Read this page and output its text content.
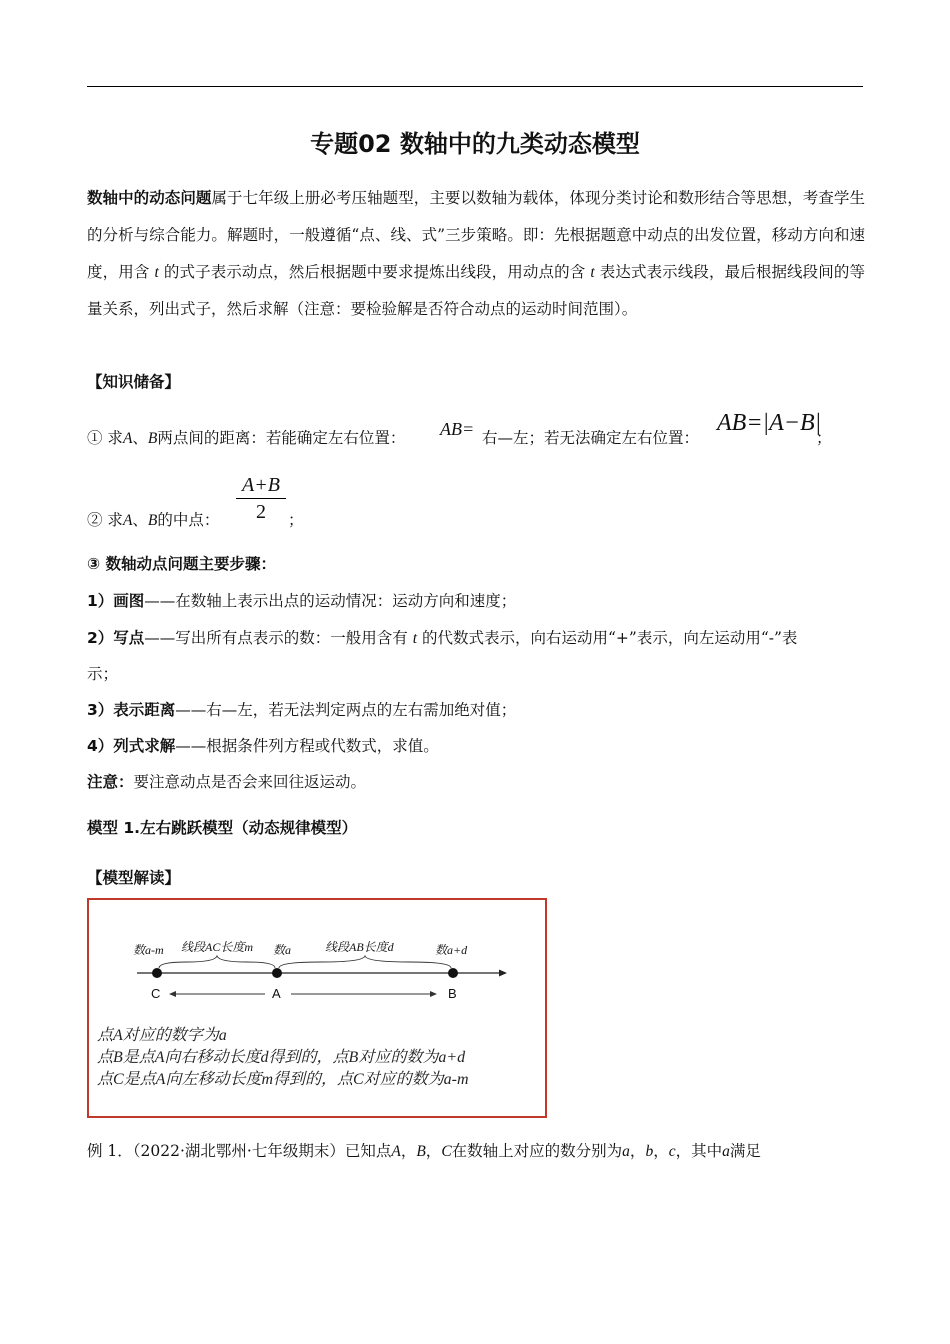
专题02 数轴中的九类动态模型
数轴中的动态问题属于七年级上册必考压轴题型，主要以数轴为载体，体现分类讨论和数形结合等思想，考查学生的分析与综合能力。解题时，一般遵循“点、线、式”三步策略。即：先根据题意中动点的出发位置，移动方向和速度，用含 t 的式子表示动点，然后根据题中要求提炼出线段，用动点的含 t 表达式表示线段，最后根据线段间的等量关系，列出式子，然后求解（注意：要检验解是否符合动点的运动时间范围）。
【知识储备】
① 求A、B两点间的距离：若能确定左右位置： AB= 右—左；若无法确定左右位置：
AB=|A−B|
；
② 求A、B的中点： $\frac{A+B}{2}$ ；
③ 数轴动点问题主要步骤：
1）画图——在数轴上表示出点的运动情况：运动方向和速度；
2）写点——写出所有点表示的数：一般用含有 t 的代数式表示，向右运动用“+”表示，向左运动用“-”表
示；
3）表示距离——右—左，若无法判定两点的左右需加绝对值；
4）列式求解——根据条件列方程或代数式，求值。
注意：要注意动点是否会来回往返运动。
模型 1.左右跳跃模型（动态规律模型）
【模型解读】
数a-m 线段AC长度m 数a	线段AB长度d	数a+d
C	A	B
点A对应的数字为a
点B是点A向右移动长度d得到的，点B对应的数为a+d
点C是点A向左移动长度m得到的，点C对应的数为a-m
例 1．（2022·湖北鄂州·七年级期末）已知点A，B，C在数轴上对应的数分别为a，b，c，其中a满足
